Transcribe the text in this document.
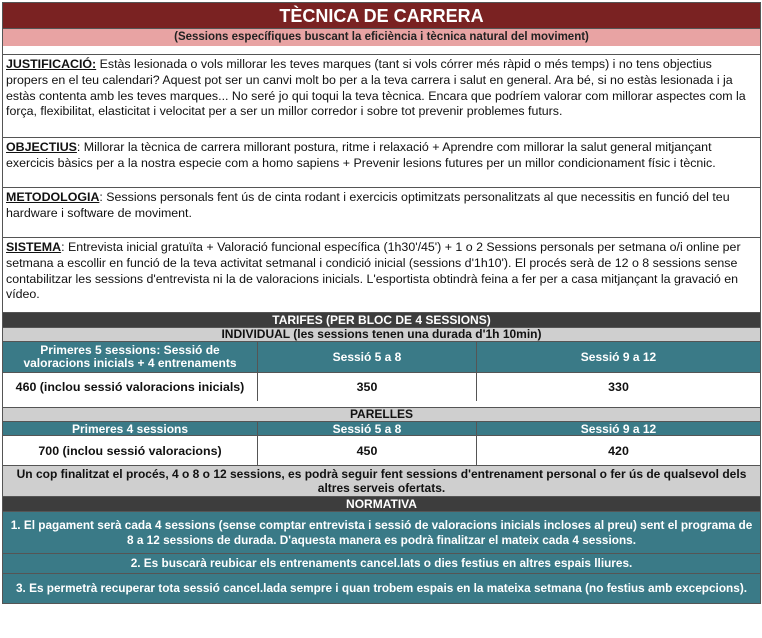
TÈCNICA DE CARRERA
(Sessions específiques buscant la eficiència i tècnica natural del moviment)
JUSTIFICACIÓ: Estàs lesionada o vols millorar les teves marques (tant si vols córrer més ràpid o més temps) i no tens objectius propers en el teu calendari? Aquest pot ser un canvi molt bo per a la teva carrera i salut en general. Ara bé, si no estàs lesionada i ja estàs contenta amb les teves marques... No seré jo qui toqui la teva tècnica. Encara que podríem valorar com millorar aspectes com la força, flexibilitat, elasticitat i velocitat per a ser un millor corredor i sobre tot prevenir problemes futurs.
OBJECTIUS: Millorar la tècnica de carrera millorant postura, ritme i relaxació + Aprendre com millorar la salut general mitjançant exercicis bàsics per a la nostra especie com a homo sapiens + Prevenir lesions futures per un millor condicionament físic i tècnic.
METODOLOGIA: Sessions personals fent ús de cinta rodant i exercicis optimitzats personalitzats al que necessitis en funció del teu hardware i software de moviment.
SISTEMA: Entrevista inicial gratuïta + Valoració funcional específica (1h30'/45') + 1 o 2 Sessions personals per setmana o/i online per setmana a escollir en funció de la teva activitat setmanal i condició inicial (sessions d'1h10'). El procés serà de 12 o 8 sessions sense contabilitzar les sessions d'entrevista ni la de valoracions inicials. L'esportista obtindrà feina a fer per a casa mitjançant la gravació en vídeo.
TARIFES (PER BLOC DE 4 SESSIONS)
INDIVIDUAL (les sessions tenen una durada d'1h 10min)
Primeres 5 sessions: Sessió de valoracions inicials + 4 entrenaments	Sessió 5 a 8	Sessió 9 a 12
460 (inclou sessió valoracions inicials)	350	330
PARELLES
Primeres 4 sessions	Sessió 5 a 8	Sessió 9 a 12
700 (inclou sessió valoracions)	450	420
Un cop finalitzat el procés, 4 o 8 o 12 sessions, es podrà seguir fent sessions d'entrenament personal o fer ús de qualsevol dels altres serveis ofertats.
NORMATIVA
1. El pagament serà cada 4 sessions (sense comptar entrevista i sessió de valoracions inicials incloses al preu) sent el programa de 8 a 12 sessions de durada. D'aquesta manera es podrà finalitzar el mateix cada 4 sessions.
2. Es buscarà reubicar els entrenaments cancel.lats o dies festius en altres espais lliures.
3. Es permetrà recuperar tota sessió cancel.lada sempre i quan trobem espais en la mateixa setmana (no festius amb excepcions).
